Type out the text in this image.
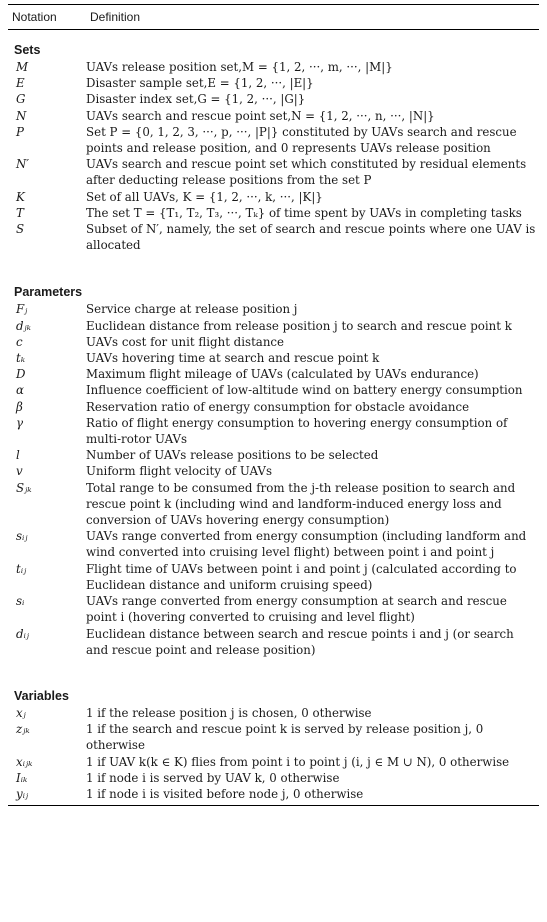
Notation	Definition
Sets
M	UAVs release position set,M = {1, 2, ···, m, ···, |M|}
E	Disaster sample set,E = {1, 2, ···, |E|}
G	Disaster index set,G = {1, 2, ···, |G|}
N	UAVs search and rescue point set,N = {1, 2, ···, n, ···, |N|}
P	Set P = {0, 1, 2, 3, ···, p, ···, |P|} constituted by UAVs search and rescue points and release position, and 0 represents UAVs release position
N′	UAVs search and rescue point set which constituted by residual elements after deducting release positions from the set P
K	Set of all UAVs, K = {1, 2, ···, k, ···, |K|}
T	The set T = {T₁, T₂, T₃, ···, Tₖ} of time spent by UAVs in completing tasks
S	Subset of N′, namely, the set of search and rescue points where one UAV is allocated
Parameters
Fⱼ	Service charge at release position j
dⱼₖ	Euclidean distance from release position j to search and rescue point k
c	UAVs cost for unit flight distance
tₖ	UAVs hovering time at search and rescue point k
D	Maximum flight mileage of UAVs (calculated by UAVs endurance)
α	Influence coefficient of low-altitude wind on battery energy consumption
β	Reservation ratio of energy consumption for obstacle avoidance
γ	Ratio of flight energy consumption to hovering energy consumption of multi-rotor UAVs
l	Number of UAVs release positions to be selected
v	Uniform flight velocity of UAVs
Sⱼₖ	Total range to be consumed from the j-th release position to search and rescue point k (including wind and landform-induced energy loss and conversion of UAVs hovering energy consumption)
sᵢⱼ	UAVs range converted from energy consumption (including landform and wind converted into cruising level flight) between point i and point j
tᵢⱼ	Flight time of UAVs between point i and point j (calculated according to Euclidean distance and uniform cruising speed)
sᵢ	UAVs range converted from energy consumption at search and rescue point i (hovering converted to cruising and level flight)
dᵢⱼ	Euclidean distance between search and rescue points i and j (or search and rescue point and release position)
Variables
xⱼ	1 if the release position j is chosen, 0 otherwise
zⱼₖ	1 if the search and rescue point k is served by release position j, 0 otherwise
xᵢⱼₖ	1 if UAV k(k ∈ K) flies from point i to point j (i, j ∈ M ∪ N), 0 otherwise
Iᵢₖ	1 if node i is served by UAV k, 0 otherwise
yᵢⱼ	1 if node i is visited before node j, 0 otherwise
